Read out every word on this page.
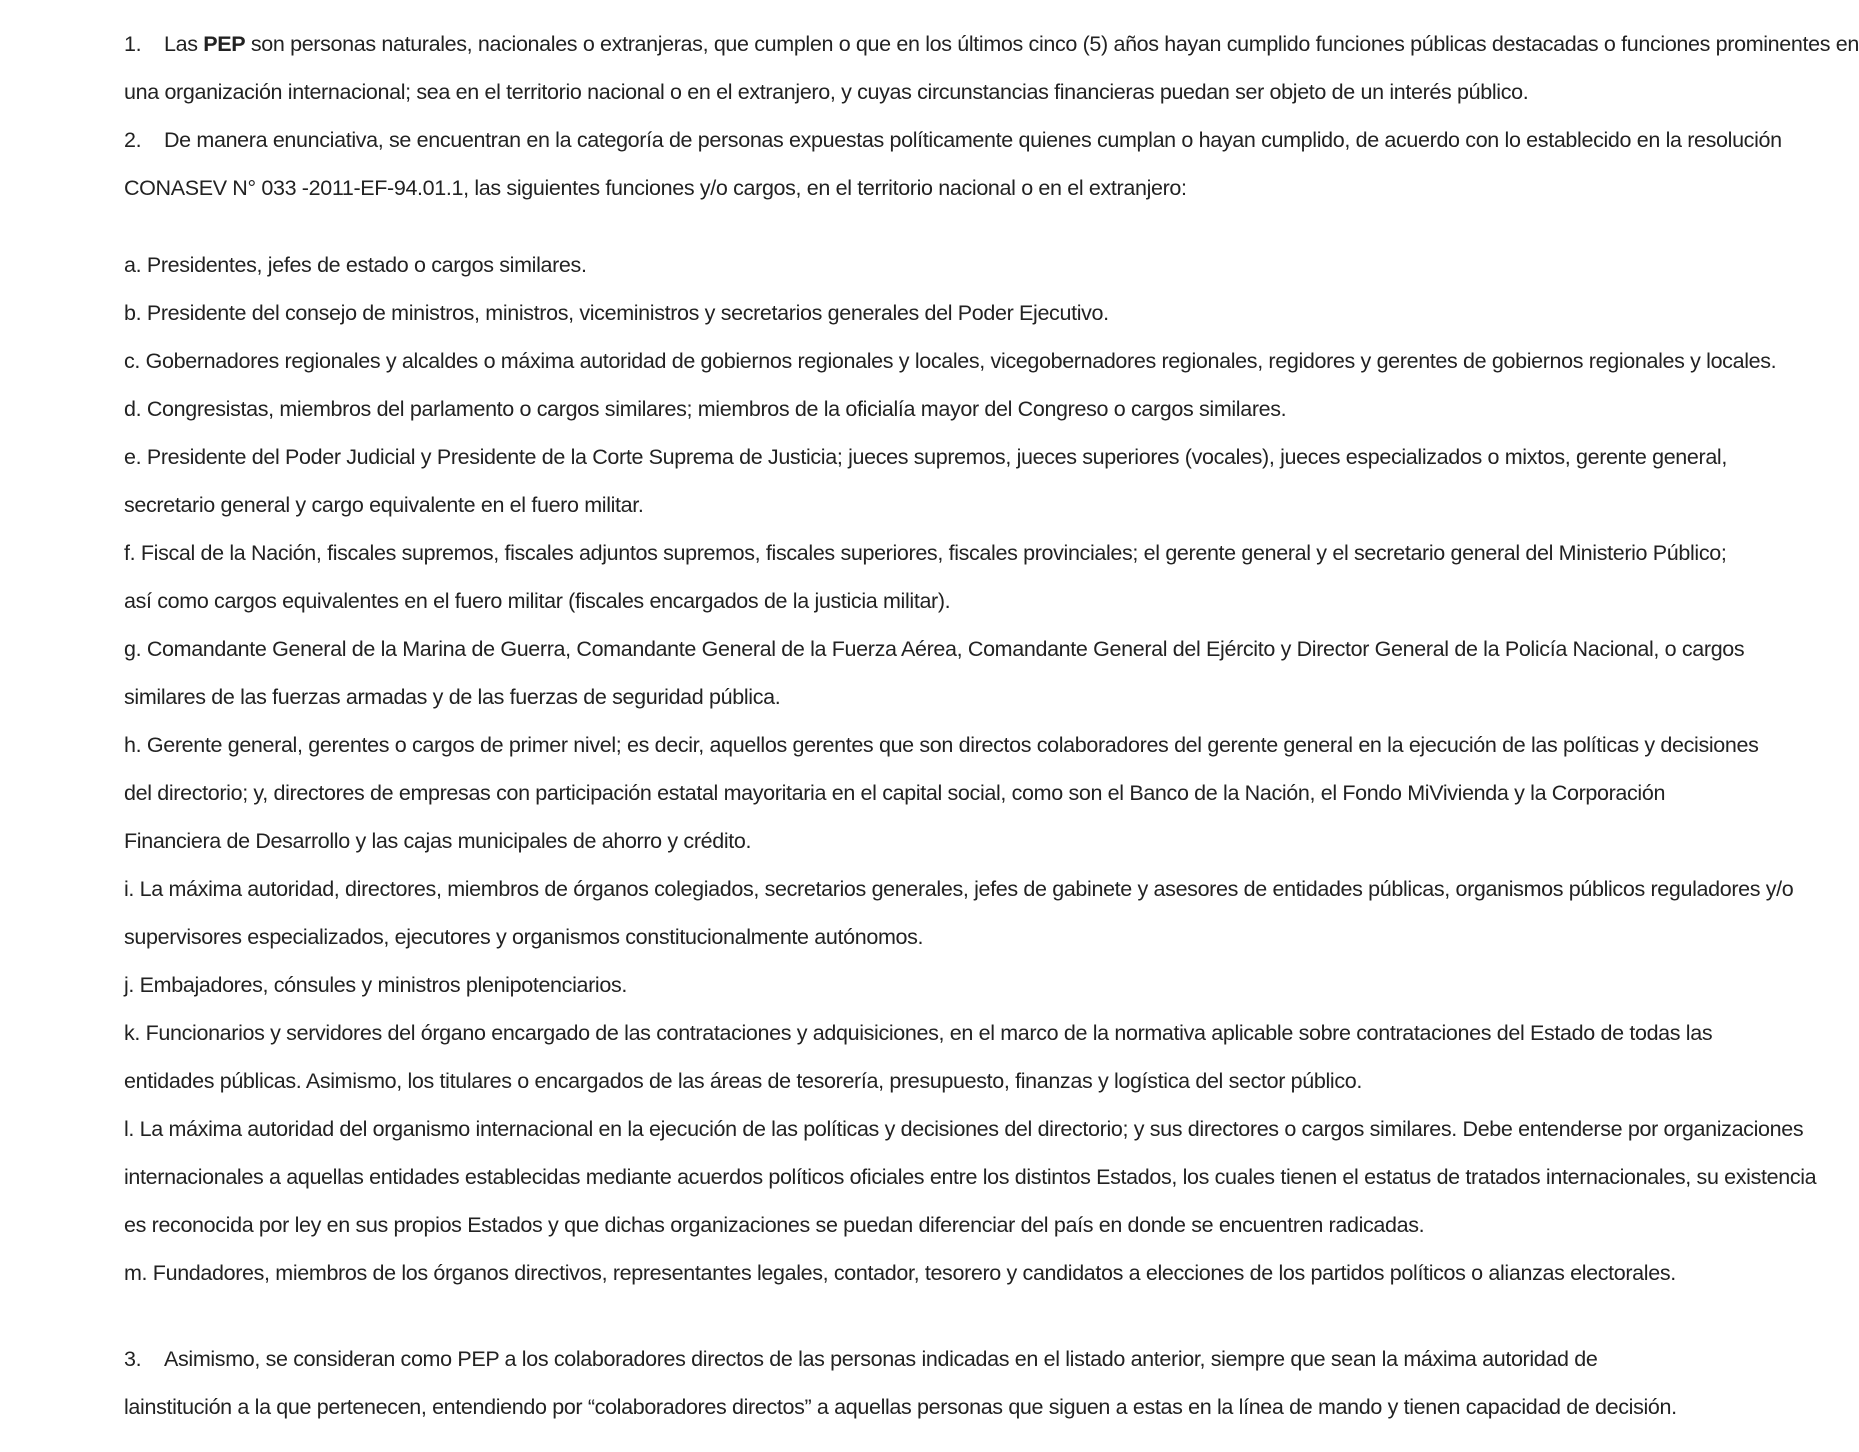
1. Las PEP son personas naturales, nacionales o extranjeras, que cumplen o que en los últimos cinco (5) años hayan cumplido funciones públicas destacadas o funciones prominentes en
una organización internacional; sea en el territorio nacional o en el extranjero, y cuyas circunstancias financieras puedan ser objeto de un interés público.
2. De manera enunciativa, se encuentran en la categoría de personas expuestas políticamente quienes cumplan o hayan cumplido, de acuerdo con lo establecido en la resolución
CONASEV N° 033 -2011-EF-94.01.1, las siguientes funciones y/o cargos, en el territorio nacional o en el extranjero:
a. Presidentes, jefes de estado o cargos similares.
b. Presidente del consejo de ministros, ministros, viceministros y secretarios generales del Poder Ejecutivo.
c. Gobernadores regionales y alcaldes o máxima autoridad de gobiernos regionales y locales, vicegobernadores regionales, regidores y gerentes de gobiernos regionales y locales.
d. Congresistas, miembros del parlamento o cargos similares; miembros de la oficialía mayor del Congreso o cargos similares.
e. Presidente del Poder Judicial y Presidente de la Corte Suprema de Justicia; jueces supremos, jueces superiores (vocales), jueces especializados o mixtos, gerente general,
secretario general y cargo equivalente en el fuero militar.
f. Fiscal de la Nación, fiscales supremos, fiscales adjuntos supremos, fiscales superiores, fiscales provinciales; el gerente general y el secretario general del Ministerio Público;
así como cargos equivalentes en el fuero militar (fiscales encargados de la justicia militar).
g. Comandante General de la Marina de Guerra, Comandante General de la Fuerza Aérea, Comandante General del Ejército y Director General de la Policía Nacional, o cargos
similares de las fuerzas armadas y de las fuerzas de seguridad pública.
h. Gerente general, gerentes o cargos de primer nivel; es decir, aquellos gerentes que son directos colaboradores del gerente general en la ejecución de las políticas y decisiones
del directorio; y, directores de empresas con participación estatal mayoritaria en el capital social, como son el Banco de la Nación, el Fondo MiVivienda y la Corporación
Financiera de Desarrollo y las cajas municipales de ahorro y crédito.
i. La máxima autoridad, directores, miembros de órganos colegiados, secretarios generales, jefes de gabinete y asesores de entidades públicas, organismos públicos reguladores y/o
supervisores especializados, ejecutores y organismos constitucionalmente autónomos.
j. Embajadores, cónsules y ministros plenipotenciarios.
k. Funcionarios y servidores del órgano encargado de las contrataciones y adquisiciones, en el marco de la normativa aplicable sobre contrataciones del Estado de todas las
entidades públicas. Asimismo, los titulares o encargados de las áreas de tesorería, presupuesto, finanzas y logística del sector público.
l. La máxima autoridad del organismo internacional en la ejecución de las políticas y decisiones del directorio; y sus directores o cargos similares. Debe entenderse por organizaciones
internacionales a aquellas entidades establecidas mediante acuerdos políticos oficiales entre los distintos Estados, los cuales tienen el estatus de tratados internacionales, su existencia
es reconocida por ley en sus propios Estados y que dichas organizaciones se puedan diferenciar del país en donde se encuentren radicadas.
m. Fundadores, miembros de los órganos directivos, representantes legales, contador, tesorero y candidatos a elecciones de los partidos políticos o alianzas electorales.
3. Asimismo, se consideran como PEP a los colaboradores directos de las personas indicadas en el listado anterior, siempre que sean la máxima autoridad de
lainstitución a la que pertenecen, entendiendo por “colaboradores directos” a aquellas personas que siguen a estas en la línea de mando y tienen capacidad de decisión.
